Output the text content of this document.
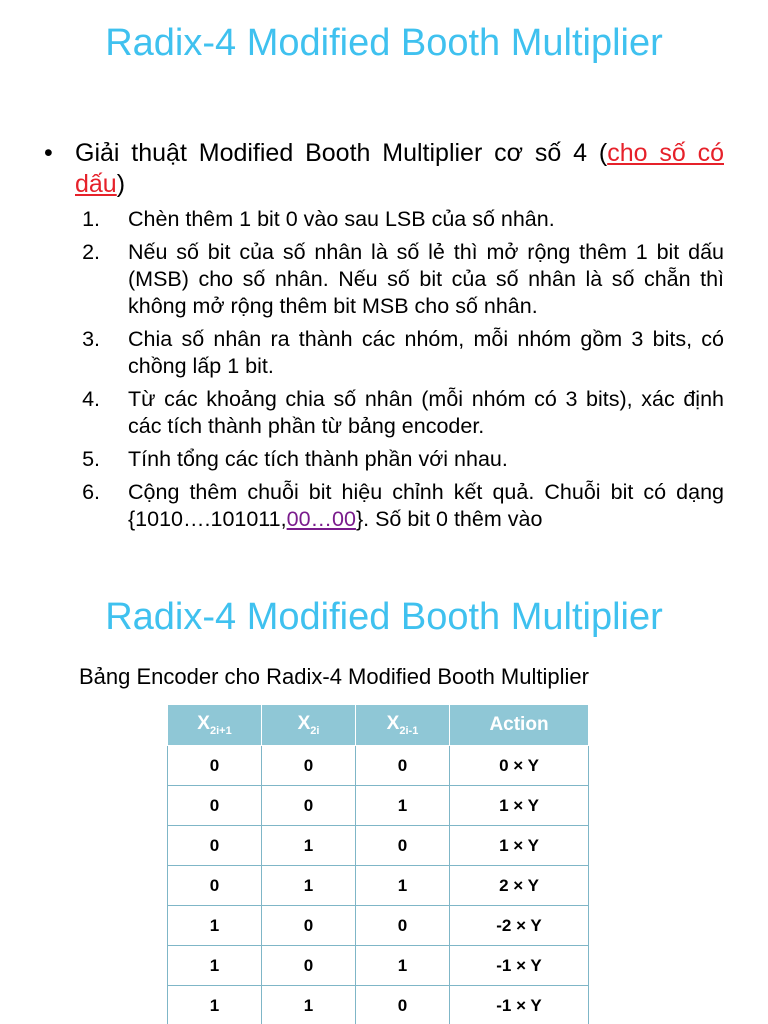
Radix-4 Modified Booth Multiplier
• Giải thuật Modified Booth Multiplier cơ số 4 (cho số có dấu)
1.	Chèn thêm 1 bit 0 vào sau LSB của số nhân.
2.	Nếu số bit của số nhân là số lẻ thì mở rộng thêm 1 bit dấu (MSB) cho số nhân. Nếu số bit của số nhân là số chẵn thì không mở rộng thêm bit MSB cho số nhân.
3.	Chia số nhân ra thành các nhóm, mỗi nhóm gồm 3 bits, có chồng lấp 1 bit.
4.	Từ các khoảng chia số nhân (mỗi nhóm có 3 bits), xác định các tích thành phần từ bảng encoder.
5.	Tính tổng các tích thành phần với nhau.
6.	Cộng thêm chuỗi bit hiệu chỉnh kết quả. Chuỗi bit có dạng {1010….101011,00…00}. Số bit 0 thêm vào
Radix-4 Modified Booth Multiplier
Bảng Encoder cho Radix-4 Modified Booth Multiplier
$X_{2i+1}$	$X_{2i}$	$X_{2i-1}$	Action
0	0	0	0 × Y
0	0	1	1 × Y
0	1	0	1 × Y
0	1	1	2 × Y
1	0	0	-2 × Y
1	0	1	-1 × Y
1	1	0	-1 × Y
